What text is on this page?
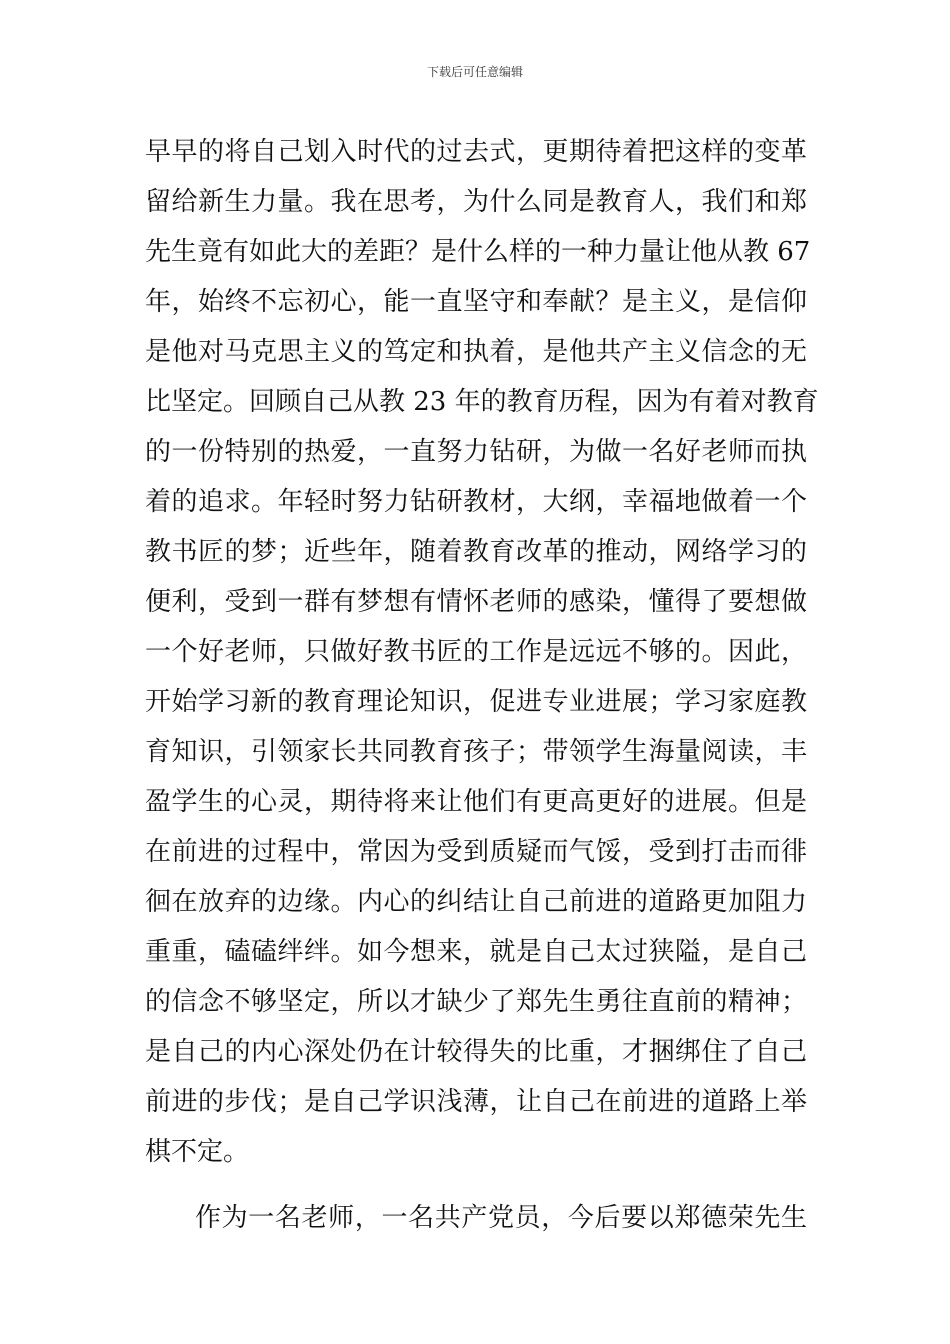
下载后可任意编辑
早早的将自己划入时代的过去式，更期待着把这样的变革
留给新生力量。我在思考，为什么同是教育人，我们和郑
先生竟有如此大的差距？是什么样的一种力量让他从教 67
年，始终不忘初心，能一直坚守和奉献？是主义，是信仰
是他对马克思主义的笃定和执着，是他共产主义信念的无
比坚定。回顾自己从教 23 年的教育历程，因为有着对教育
的一份特别的热爱，一直努力钻研，为做一名好老师而执
着的追求。年轻时努力钻研教材，大纲，幸福地做着一个
教书匠的梦；近些年，随着教育改革的推动，网络学习的
便利，受到一群有梦想有情怀老师的感染，懂得了要想做
一个好老师，只做好教书匠的工作是远远不够的。因此，
开始学习新的教育理论知识，促进专业进展；学习家庭教
育知识，引领家长共同教育孩子；带领学生海量阅读，丰
盈学生的心灵，期待将来让他们有更高更好的进展。但是
在前进的过程中，常因为受到质疑而气馁，受到打击而徘
徊在放弃的边缘。内心的纠结让自己前进的道路更加阻力
重重，磕磕绊绊。如今想来，就是自己太过狭隘，是自己
的信念不够坚定，所以才缺少了郑先生勇往直前的精神；
是自己的内心深处仍在计较得失的比重，才捆绑住了自己
前进的步伐；是自己学识浅薄，让自己在前进的道路上举
棋不定。
作为一名老师，一名共产党员，今后要以郑德荣先生
